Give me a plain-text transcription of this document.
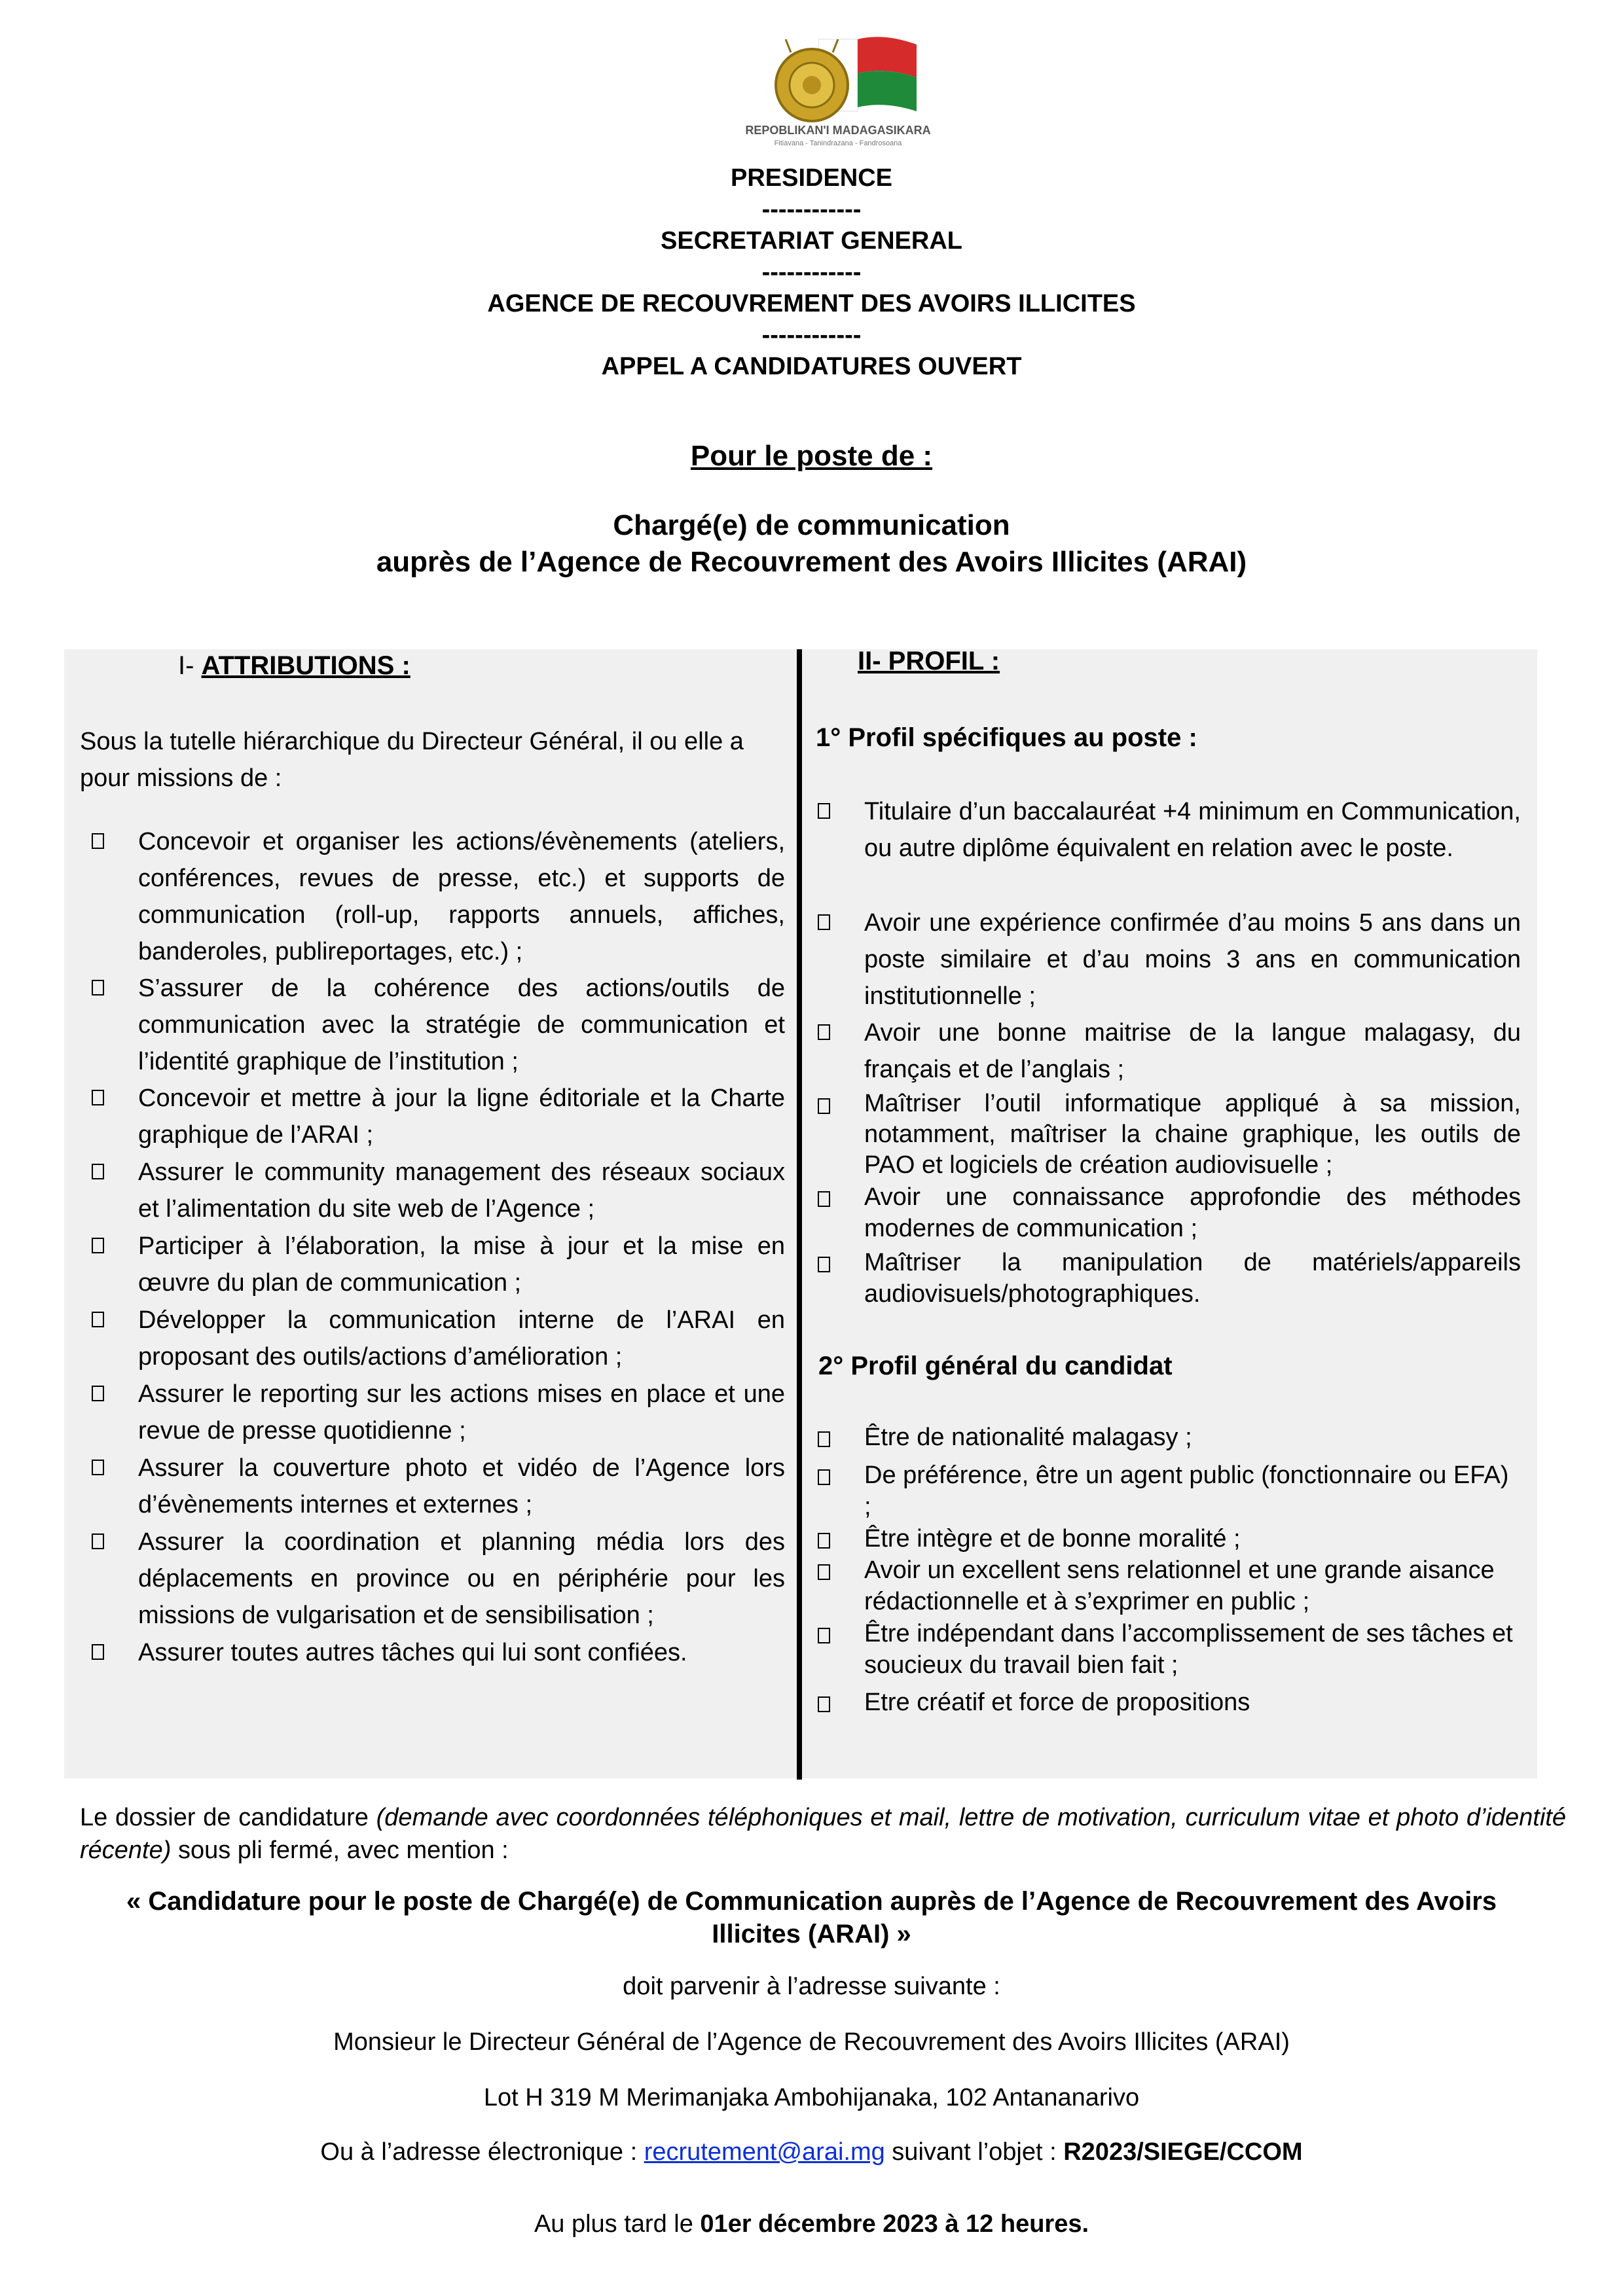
REPOBLIKAN'I MADAGASIKARA
Fitiavana - Tanindrazana - Fandrosoana
PRESIDENCE
------------
SECRETARIAT GENERAL
------------
AGENCE DE RECOUVREMENT DES AVOIRS ILLICITES
------------
APPEL A CANDIDATURES OUVERT
Pour le poste de :
Chargé(e) de communication
auprès de l’Agence de Recouvrement des Avoirs Illicites (ARAI)
I- ATTRIBUTIONS :
Sous la tutelle hiérarchique du Directeur Général, il ou elle a pour missions de :
Concevoir et organiser les actions/évènements (ateliers, conférences, revues de presse, etc.) et supports de communication (roll-up, rapports annuels, affiches, banderoles, publireportages, etc.) ;
S’assurer de la cohérence des actions/outils de communication avec la stratégie de communication et l’identité graphique de l’institution ;
Concevoir et mettre à jour la ligne éditoriale et la Charte graphique de l’ARAI ;
Assurer le community management des réseaux sociaux et l’alimentation du site web de l’Agence ;
Participer à l’élaboration, la mise à jour et la mise en œuvre du plan de communication ;
Développer la communication interne de l’ARAI en proposant des outils/actions d’amélioration ;
Assurer le reporting sur les actions mises en place et une revue de presse quotidienne ;
Assurer la couverture photo et vidéo de l’Agence lors d’évènements internes et externes ;
Assurer la coordination et planning média lors des déplacements en province ou en périphérie pour les missions de vulgarisation et de sensibilisation ;
Assurer toutes autres tâches qui lui sont confiées.
II- PROFIL :
1° Profil spécifiques au poste :
Titulaire d’un baccalauréat +4 minimum en Communication, ou autre diplôme équivalent en relation avec le poste.
Avoir une expérience confirmée d’au moins 5 ans dans un poste similaire et d’au moins 3 ans en communication institutionnelle ;
Avoir une bonne maitrise de la langue malagasy, du français et de l’anglais ;
Maîtriser l’outil informatique appliqué à sa mission, notamment, maîtriser la chaine graphique, les outils de PAO et logiciels de création audiovisuelle ;
Avoir une connaissance approfondie des méthodes modernes de communication ;
Maîtriser la manipulation de matériels/appareils audiovisuels/photographiques.
2° Profil général du candidat
Être de nationalité malagasy ;
De préférence, être un agent public (fonctionnaire ou EFA) ;
Être intègre et de bonne moralité ;
Avoir un excellent sens relationnel et une grande aisance rédactionnelle et à s’exprimer en public ;
Être indépendant dans l’accomplissement de ses tâches et soucieux du travail bien fait ;
Etre créatif et force de propositions
Le dossier de candidature (demande avec coordonnées téléphoniques et mail, lettre de motivation, curriculum vitae et photo d’identité récente) sous pli fermé, avec mention :
« Candidature pour le poste de Chargé(e) de Communication auprès de l’Agence de Recouvrement des Avoirs Illicites (ARAI) »
doit parvenir à l’adresse suivante :
Monsieur le Directeur Général de l’Agence de Recouvrement des Avoirs Illicites (ARAI)
Lot H 319 M Merimanjaka Ambohijanaka, 102 Antananarivo
Ou à l’adresse électronique : recrutement@arai.mg suivant l’objet : R2023/SIEGE/CCOM
Au plus tard le 01er décembre 2023 à 12 heures.
